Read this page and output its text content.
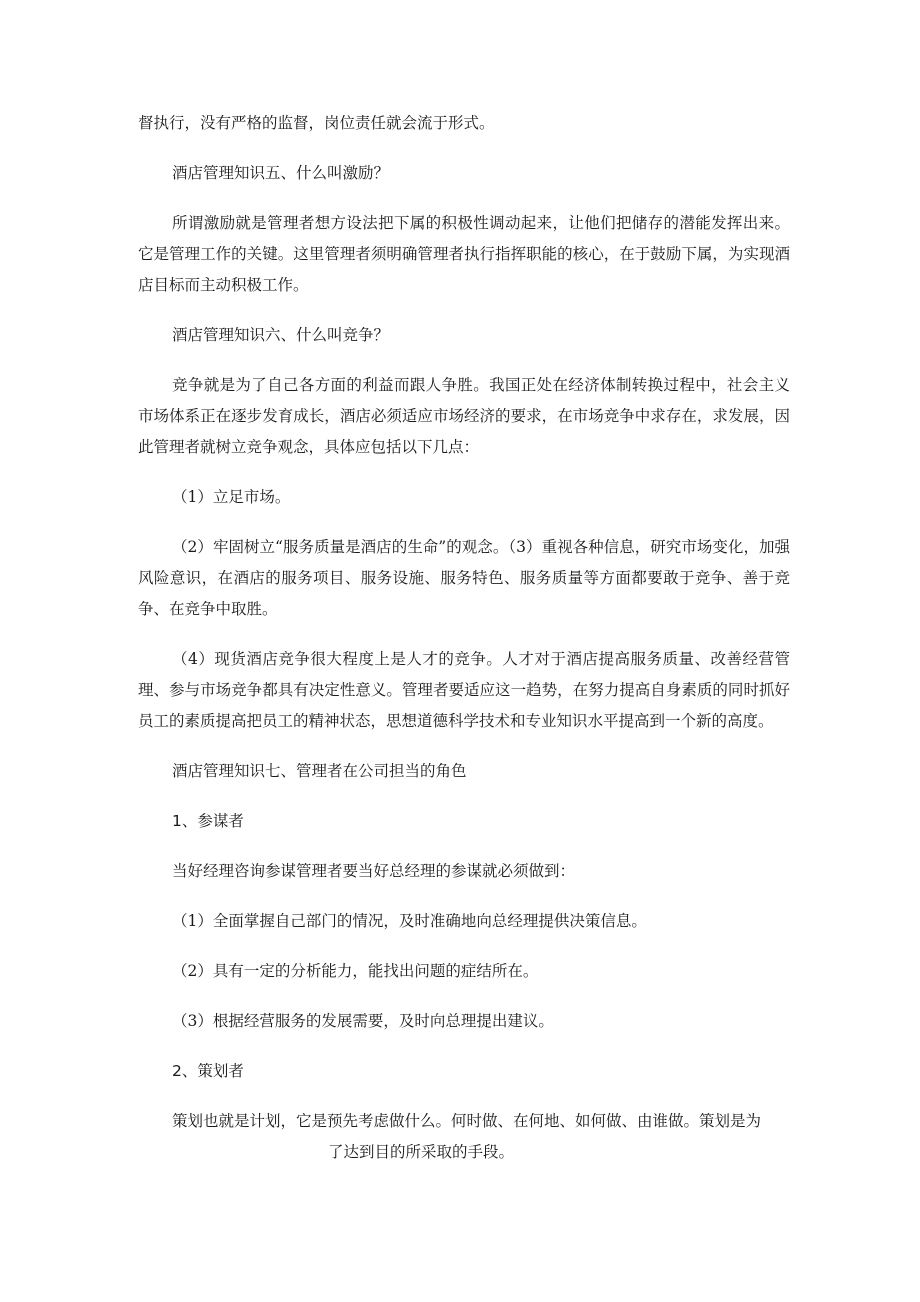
督执行，没有严格的监督，岗位责任就会流于形式。

酒店管理知识五、什么叫激励？

所谓激励就是管理者想方设法把下属的积极性调动起来，让他们把储存的潜能发挥出来。它是管理工作的关键。这里管理者须明确管理者执行指挥职能的核心，在于鼓励下属，为实现酒店目标而主动积极工作。

酒店管理知识六、什么叫竞争？

竞争就是为了自己各方面的利益而跟人争胜。我国正处在经济体制转换过程中，社会主义市场体系正在逐步发育成长，酒店必须适应市场经济的要求，在市场竞争中求存在，求发展，因此管理者就树立竞争观念，具体应包括以下几点：

（1）立足市场。

（2）牢固树立“服务质量是酒店的生命”的观念。（3）重视各种信息，研究市场变化，加强风险意识，在酒店的服务项目、服务设施、服务特色、服务质量等方面都要敢于竞争、善于竞争、在竞争中取胜。

（4）现货酒店竞争很大程度上是人才的竞争。人才对于酒店提高服务质量、改善经营管理、参与市场竞争都具有决定性意义。管理者要适应这一趋势，在努力提高自身素质的同时抓好员工的素质提高把员工的精神状态，思想道德科学技术和专业知识水平提高到一个新的高度。

酒店管理知识七、管理者在公司担当的角色

1、参谋者

当好经理咨询参谋管理者要当好总经理的参谋就必须做到：

（1）全面掌握自己部门的情况，及时准确地向总经理提供决策信息。

（2）具有一定的分析能力，能找出问题的症结所在。

（3）根据经营服务的发展需要，及时向总理提出建议。

2、策划者

策划也就是计划，它是预先考虑做什么。何时做、在何地、如何做、由谁做。策划是为
了达到目的所采取的手段。
